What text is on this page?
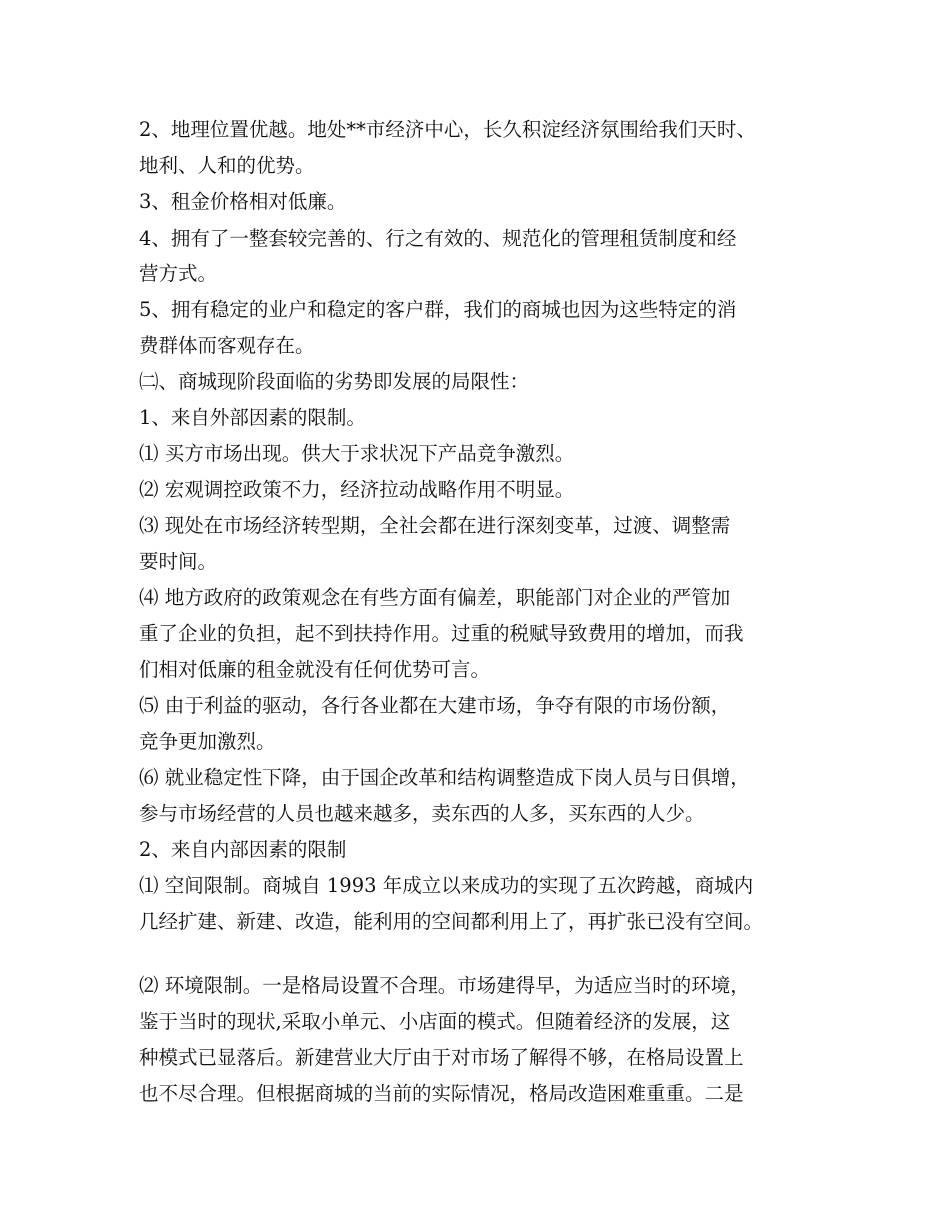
2、地理位置优越。地处**市经济中心，长久积淀经济氛围给我们天时、
地利、人和的优势。
3、租金价格相对低廉。
4、拥有了一整套较完善的、行之有效的、规范化的管理租赁制度和经
营方式。
5、拥有稳定的业户和稳定的客户群，我们的商城也因为这些特定的消
费群体而客观存在。
㈡、商城现阶段面临的劣势即发展的局限性：
1、来自外部因素的限制。
⑴ 买方市场出现。供大于求状况下产品竞争激烈。
⑵ 宏观调控政策不力，经济拉动战略作用不明显。
⑶ 现处在市场经济转型期，全社会都在进行深刻变革，过渡、调整需
要时间。
⑷ 地方政府的政策观念在有些方面有偏差，职能部门对企业的严管加
重了企业的负担，起不到扶持作用。过重的税赋导致费用的增加，而我
们相对低廉的租金就没有任何优势可言。
⑸ 由于利益的驱动，各行各业都在大建市场，争夺有限的市场份额，
竞争更加激烈。
⑹ 就业稳定性下降，由于国企改革和结构调整造成下岗人员与日俱增，
参与市场经营的人员也越来越多，卖东西的人多，买东西的人少。
2、来自内部因素的限制
⑴ 空间限制。商城自 1993 年成立以来成功的实现了五次跨越，商城内
几经扩建、新建、改造，能利用的空间都利用上了，再扩张已没有空间。
⑵ 环境限制。一是格局设置不合理。市场建得早，为适应当时的环境，
鉴于当时的现状,采取小单元、小店面的模式。但随着经济的发展，这
种模式已显落后。新建营业大厅由于对市场了解得不够，在格局设置上
也不尽合理。但根据商城的当前的实际情况，格局改造困难重重。二是
